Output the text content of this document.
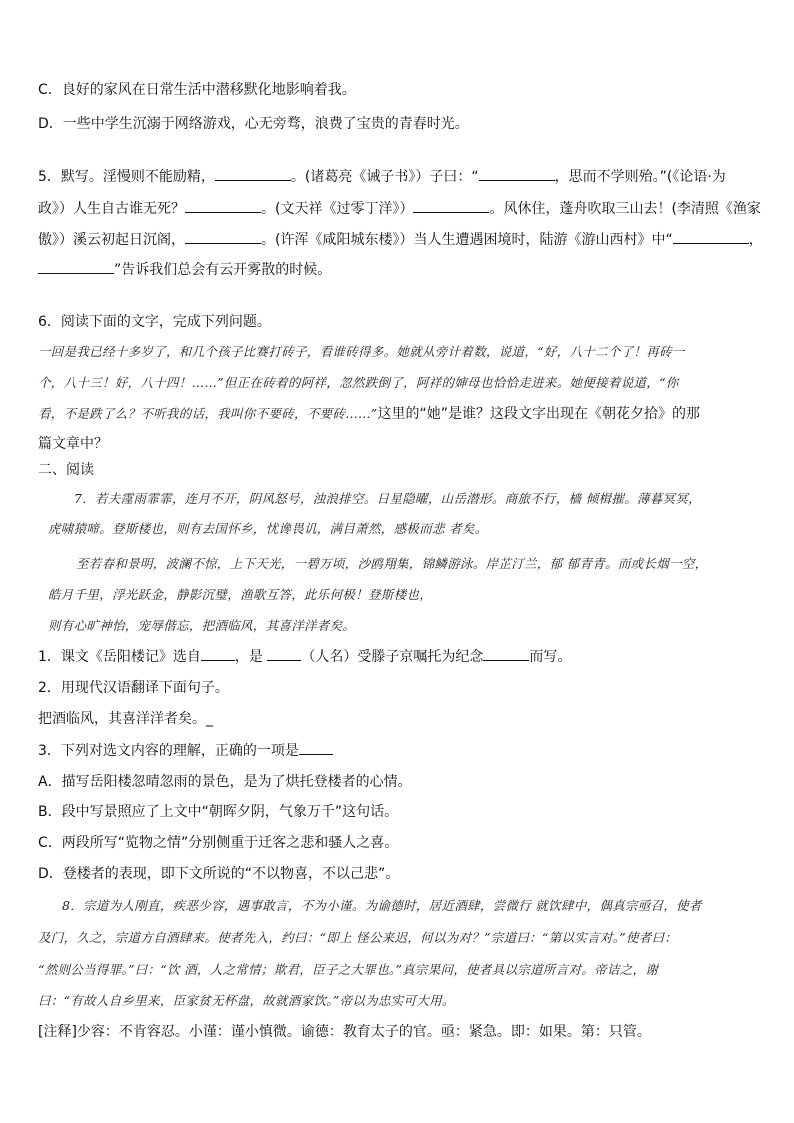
C．良好的家风在日常生活中潜移默化地影响着我。
D．一些中学生沉溺于网络游戏，心无旁骛，浪费了宝贵的青春时光。
5．默写。淫慢则不能励精，	。(诸葛亮《诫子书》）子曰：“	，思而不学则殆。”(《论语·为
政》）人生自古谁无死？	。(文天祥《过零丁洋》）	。风休住，蓬舟吹取三山去！(李清照《渔家
傲》）溪云初起日沉阁，	。(许浑《咸阳城东楼》）当人生遭遇困境时，陆游《游山西村》中“	，
”告诉我们总会有云开雾散的时候。
6．阅读下面的文字，完成下列问题。
一回是我已经十多岁了，和几个孩子比赛打砖子，看谁砖得多。她就从旁计着数，说道，“好，八十二个了！再砖一
个，八十三！好，八十四！……”但正在砖着的阿祥，忽然跌倒了，阿祥的婶母也恰恰走进来。她便接着说道，“你
看，不是跌了么？不听我的话，我叫你不要砖，不要砖……”这里的“她”是谁？这段文字出现在《朝花夕拾》的那
篇文章中？
二、阅读
7．若夫霪雨霏霏，连月不开，阴风怒号，浊浪排空。日星隐曜，山岳潜形。商旅不行，樯 倾楫摧。薄暮冥冥，
虎啸猿啼。登斯楼也，则有去国怀乡，忧谗畏讥，满目萧然，感极而悲 者矣。
至若春和景明，波澜不惊，上下天光，一碧万顷，沙鸥翔集，锦鳞游泳。岸芷汀兰，郁 郁青青。而或长烟一空，
皓月千里，浮光跃金，静影沉璧，渔歌互答，此乐何极！登斯楼也，
则有心旷神怡，宠辱偕忘，把酒临风，其喜洋洋者矣。
1．课文《岳阳楼记》选自 ，是	（人名）受滕子京嘱托为纪念	而写。
2．用现代汉语翻译下面句子。
把酒临风，其喜洋洋者矣。_
3．下列对选文内容的理解，正确的一项是
A．描写岳阳楼忽晴忽雨的景色，是为了烘托登楼者的心情。
B．段中写景照应了上文中“朝晖夕阴，气象万千”这句话。
C．两段所写“览物之情”分别侧重于迁客之悲和骚人之喜。
D．登楼者的表现，即下文所说的“不以物喜，不以己悲”。
8．宗道为人刚直，疾恶少容，遇事敢言，不为小谨。为谕德时，居近酒肆，尝微行 就饮肆中，偶真宗亟召，使者
及门，久之，宗道方自酒肆来。使者先入，约曰：“即上 怪公来迟，何以为对？”宗道曰：“第以实言对。”使者曰：
“然则公当得罪。”曰：“饮 酒，人之常情；欺君，臣子之大罪也。”真宗果问，使者具以宗道所言对。帝诘之，谢
曰：“有故人自乡里来，臣家贫无杯盘，故就酒家饮。”帝以为忠实可大用。
[注释]少容：不肯容忍。小谨：谨小慎微。谕德：教育太子的官。亟：紧急。即：如果。第：只管。
